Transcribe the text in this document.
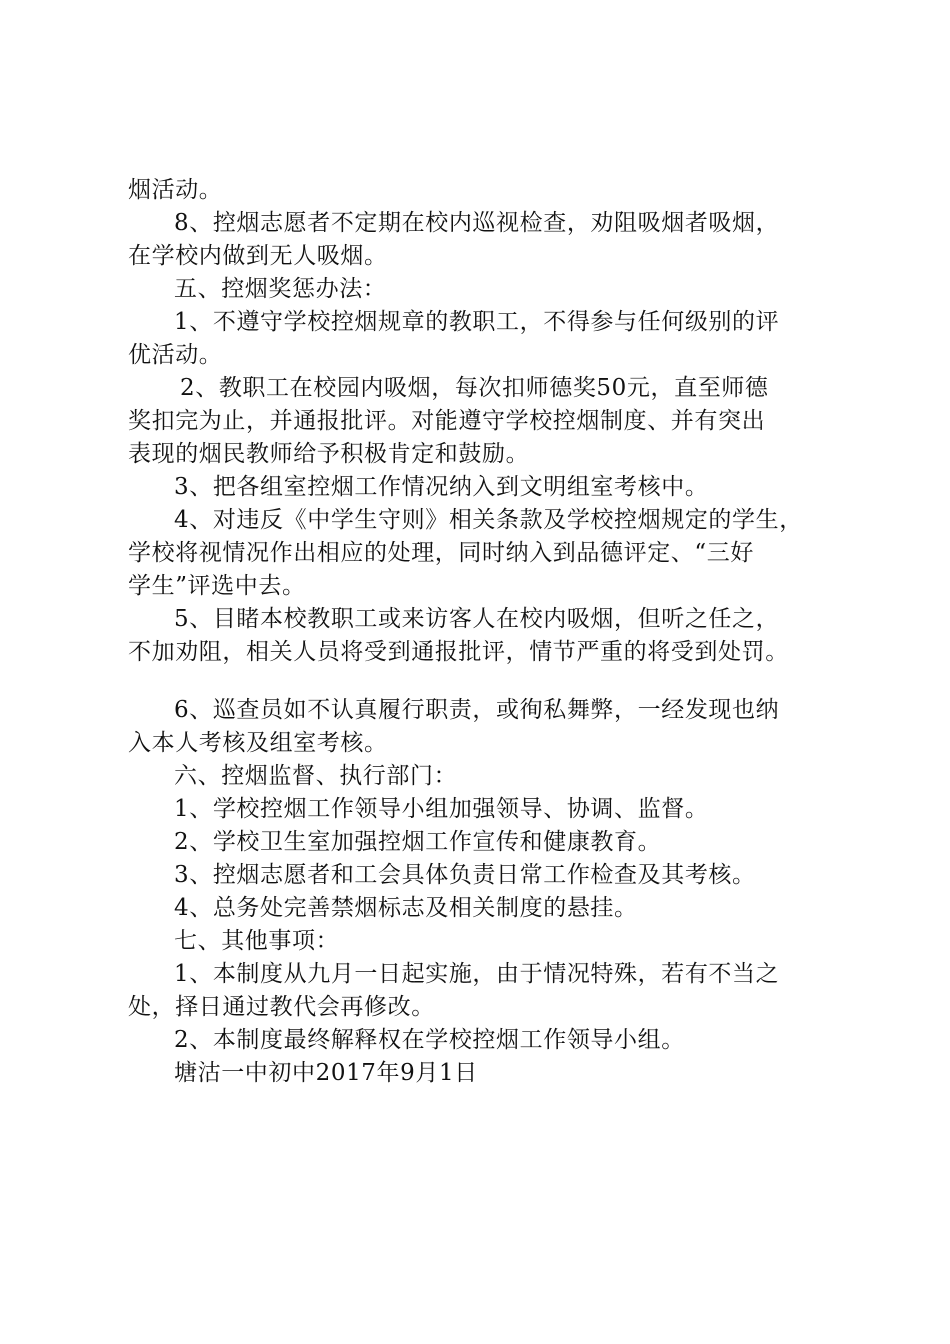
烟活动。
8、控烟志愿者不定期在校内巡视检查，劝阻吸烟者吸烟，
在学校内做到无人吸烟。
五、控烟奖惩办法：
1、不遵守学校控烟规章的教职工，不得参与任何级别的评
优活动。
2、教职工在校园内吸烟，每次扣师德奖50元，直至师德
奖扣完为止，并通报批评。对能遵守学校控烟制度、并有突出
表现的烟民教师给予积极肯定和鼓励。
3、把各组室控烟工作情况纳入到文明组室考核中。
4、对违反《中学生守则》相关条款及学校控烟规定的学生，
学校将视情况作出相应的处理，同时纳入到品德评定、“三好
学生”评选中去。
5、目睹本校教职工或来访客人在校内吸烟，但听之任之，
不加劝阻，相关人员将受到通报批评，情节严重的将受到处罚。
6、巡查员如不认真履行职责，或徇私舞弊，一经发现也纳
入本人考核及组室考核。
六、控烟监督、执行部门：
1、学校控烟工作领导小组加强领导、协调、监督。
2、学校卫生室加强控烟工作宣传和健康教育。
3、控烟志愿者和工会具体负责日常工作检查及其考核。
4、总务处完善禁烟标志及相关制度的悬挂。
七、其他事项：
1、本制度从九月一日起实施，由于情况特殊，若有不当之
处，择日通过教代会再修改。
2、本制度最终解释权在学校控烟工作领导小组。
塘沽一中初中2017年9月1日
